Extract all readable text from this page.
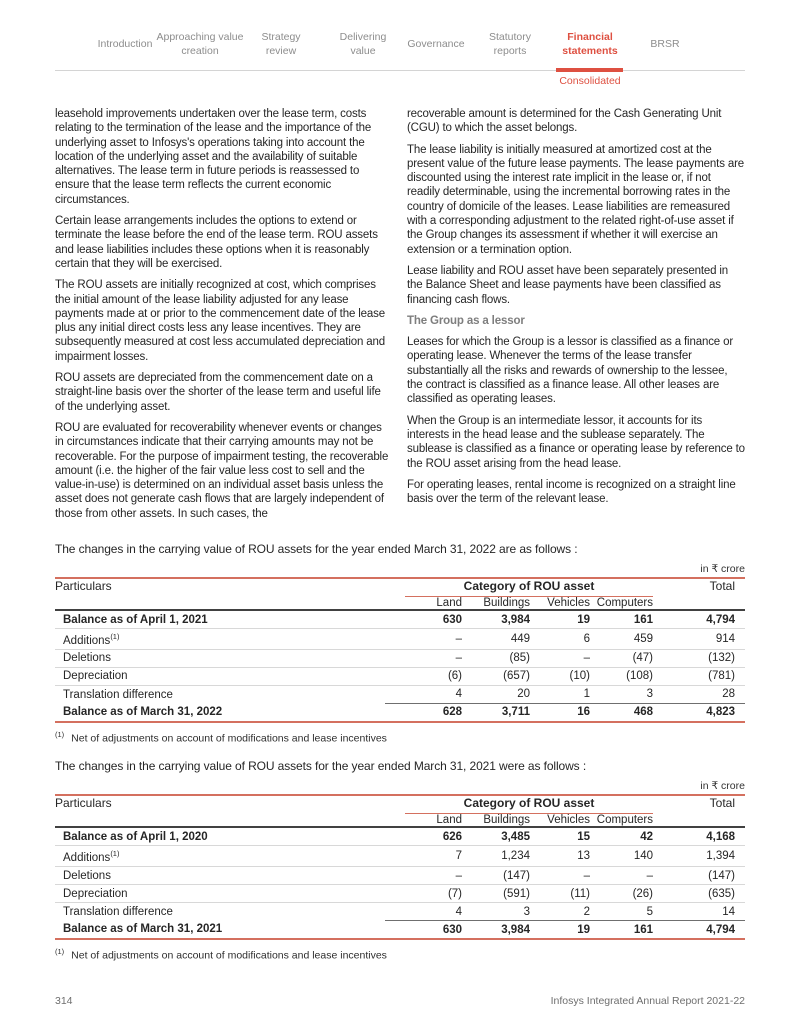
Introduction
Approaching value creation
Strategy review
Delivering value
Governance
Statutory reports
Financial statements
BRSR
Consolidated

leasehold improvements undertaken over the lease term, costs relating to the termination of the lease and the importance of the underlying asset to Infosys's operations taking into account the location of the underlying asset and the availability of suitable alternatives. The lease term in future periods is reassessed to ensure that the lease term reflects the current economic circumstances.

Certain lease arrangements includes the options to extend or terminate the lease before the end of the lease term. ROU assets and lease liabilities includes these options when it is reasonably certain that they will be exercised.

The ROU assets are initially recognized at cost, which comprises the initial amount of the lease liability adjusted for any lease payments made at or prior to the commencement date of the lease plus any initial direct costs less any lease incentives. They are subsequently measured at cost less accumulated depreciation and impairment losses.

ROU assets are depreciated from the commencement date on a straight-line basis over the shorter of the lease term and useful life of the underlying asset.

ROU are evaluated for recoverability whenever events or changes in circumstances indicate that their carrying amounts may not be recoverable. For the purpose of impairment testing, the recoverable amount (i.e. the higher of the fair value less cost to sell and the value-in-use) is determined on an individual asset basis unless the asset does not generate cash flows that are largely independent of those from other assets. In such cases, the

recoverable amount is determined for the Cash Generating Unit (CGU) to which the asset belongs.

The lease liability is initially measured at amortized cost at the present value of the future lease payments. The lease payments are discounted using the interest rate implicit in the lease or, if not readily determinable, using the incremental borrowing rates in the country of domicile of the leases. Lease liabilities are remeasured with a corresponding adjustment to the related right-of-use asset if the Group changes its assessment if whether it will exercise an extension or a termination option.

Lease liability and ROU asset have been separately presented in the Balance Sheet and lease payments have been classified as financing cash flows.

The Group as a lessor

Leases for which the Group is a lessor is classified as a finance or operating lease. Whenever the terms of the lease transfer substantially all the risks and rewards of ownership to the lessee, the contract is classified as a finance lease. All other leases are classified as operating leases.

When the Group is an intermediate lessor, it accounts for its interests in the head lease and the sublease separately. The sublease is classified as a finance or operating lease by reference to the ROU asset arising from the head lease.

For operating leases, rental income is recognized on a straight line basis over the term of the relevant lease.

The changes in the carrying value of ROU assets for the year ended March 31, 2022 are as follows :

in ₹ crore
Particulars	Category of ROU asset				Total
	Land	Buildings	Vehicles	Computers	
Balance as of April 1, 2021	630	3,984	19	161	4,794
Additions$^{(1)}$	–	449	6	459	914
Deletions	–	(85)	–	(47)	(132)
Depreciation	(6)	(657)	(10)	(108)	(781)
Translation difference	4	20	1	3	28
Balance as of March 31, 2022	628	3,711	16	468	4,823
$^{(1)}$ Net of adjustments on account of modifications and lease incentives

The changes in the carrying value of ROU assets for the year ended March 31, 2021 were as follows :

in ₹ crore
Particulars	Category of ROU asset				Total
	Land	Buildings	Vehicles	Computers	
Balance as of April 1, 2020	626	3,485	15	42	4,168
Additions$^{(1)}$	7	1,234	13	140	1,394
Deletions	–	(147)	–	–	(147)
Depreciation	(7)	(591)	(11)	(26)	(635)
Translation difference	4	3	2	5	14
Balance as of March 31, 2021	630	3,984	19	161	4,794
$^{(1)}$ Net of adjustments on account of modifications and lease incentives
314	Infosys Integrated Annual Report 2021-22
